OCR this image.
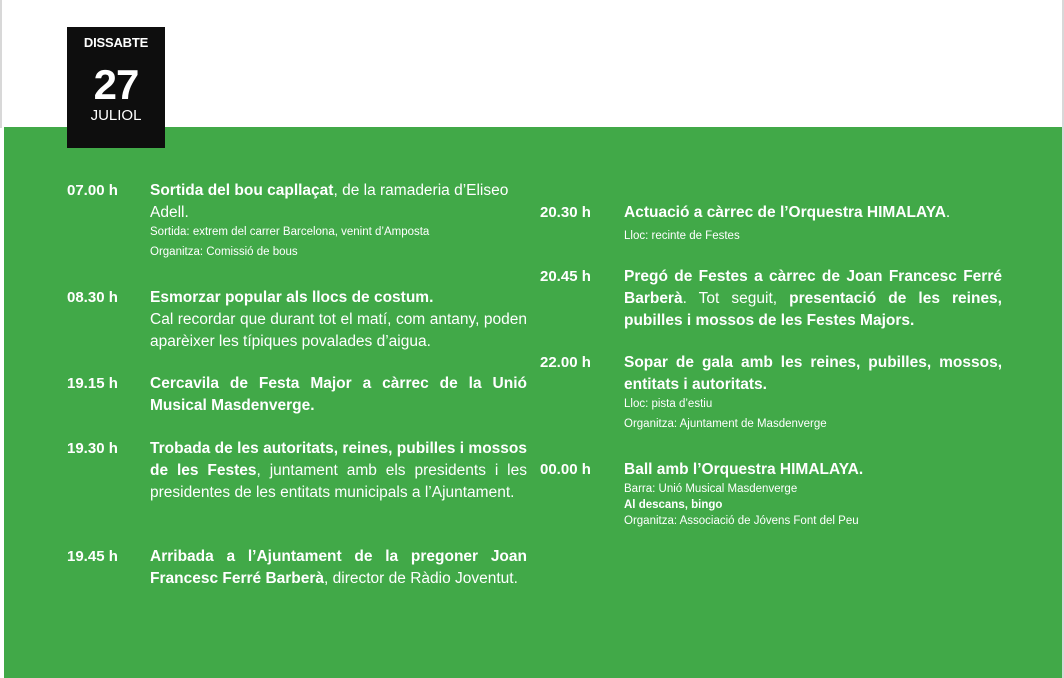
DISSABTE
27
JULIOL
07.00 h Sortida del bou capllaçat, de la ramaderia d’Eliseo Adell.
Sortida: extrem del carrer Barcelona, venint d’Amposta
Organitza: Comissió de bous
08.30 h Esmorzar popular als llocs de costum.
Cal recordar que durant tot el matí, com antany, poden aparèixer les típiques povalades d’aigua.
19.15 h Cercavila de Festa Major a càrrec de la Unió Musical Masdenverge.
19.30 h Trobada de les autoritats, reines, pubilles i mossos de les Festes, juntament amb els presidents i les presidentes de les entitats municipals a l’Ajuntament.
19.45 h Arribada a l’Ajuntament de la pregoner Joan Francesc Ferré Barberà, director de Ràdio Joventut.
20.30 h Actuació a càrrec de l’Orquestra HIMALAYA.
Lloc: recinte de Festes
20.45 h Pregó de Festes a càrrec de Joan Francesc Ferré Barberà. Tot seguit, presentació de les reines, pubilles i mossos de les Festes Majors.
22.00 h Sopar de gala amb les reines, pubilles, mossos, entitats i autoritats.
Lloc: pista d’estiu
Organitza: Ajuntament de Masdenverge
00.00 h Ball amb l’Orquestra HIMALAYA.
Barra: Unió Musical Masdenverge
Al descans, bingo
Organitza: Associació de Jóvens Font del Peu
